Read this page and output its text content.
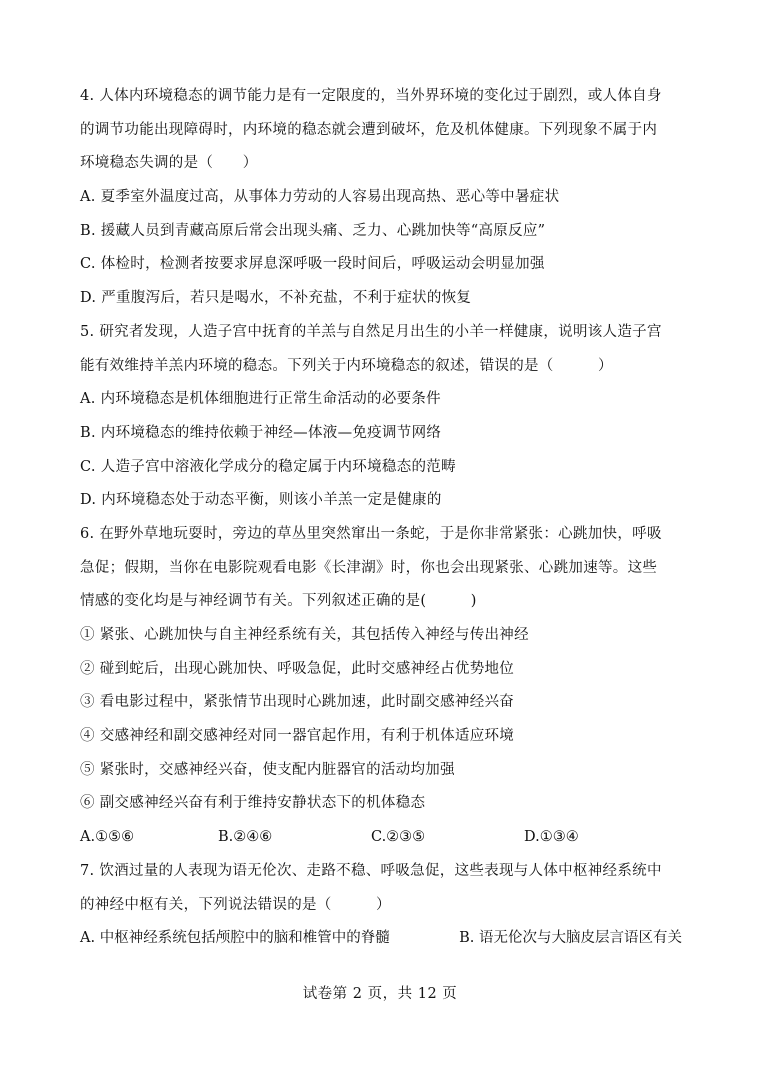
4. 人体内环境稳态的调节能力是有一定限度的，当外界环境的变化过于剧烈，或人体自身
的调节功能出现障碍时，内环境的稳态就会遭到破坏，危及机体健康。下列现象不属于内
环境稳态失调的是（　　）
A. 夏季室外温度过高，从事体力劳动的人容易出现高热、恶心等中暑症状
B. 援藏人员到青藏高原后常会出现头痛、乏力、心跳加快等“高原反应”
C. 体检时，检测者按要求屏息深呼吸一段时间后，呼吸运动会明显加强
D. 严重腹泻后，若只是喝水，不补充盐，不利于症状的恢复
5. 研究者发现，人造子宫中抚育的羊羔与自然足月出生的小羊一样健康，说明该人造子宫
能有效维持羊羔内环境的稳态。下列关于内环境稳态的叙述，错误的是（　　　）
A. 内环境稳态是机体细胞进行正常生命活动的必要条件
B. 内环境稳态的维持依赖于神经—体液—免疫调节网络
C. 人造子宫中溶液化学成分的稳定属于内环境稳态的范畴
D. 内环境稳态处于动态平衡，则该小羊羔一定是健康的
6. 在野外草地玩耍时，旁边的草丛里突然窜出一条蛇，于是你非常紧张：心跳加快，呼吸
急促；假期，当你在电影院观看电影《长津湖》时，你也会出现紧张、心跳加速等。这些
情感的变化均是与神经调节有关。下列叙述正确的是(　　　)
① 紧张、心跳加快与自主神经系统有关，其包括传入神经与传出神经
② 碰到蛇后，出现心跳加快、呼吸急促，此时交感神经占优势地位
③ 看电影过程中，紧张情节出现时心跳加速，此时副交感神经兴奋
④ 交感神经和副交感神经对同一器官起作用，有利于机体适应环境
⑤ 紧张时，交感神经兴奋，使支配内脏器官的活动均加强
⑥ 副交感神经兴奋有利于维持安静状态下的机体稳态
A.①⑤⑥	B.②④⑥	C.②③⑤	D.①③④
7. 饮酒过量的人表现为语无伦次、走路不稳、呼吸急促，这些表现与人体中枢神经系统中
的神经中枢有关，下列说法错误的是（　　　）
A. 中枢神经系统包括颅腔中的脑和椎管中的脊髓	B. 语无伦次与大脑皮层言语区有关
试卷第 2 页，共 12 页
